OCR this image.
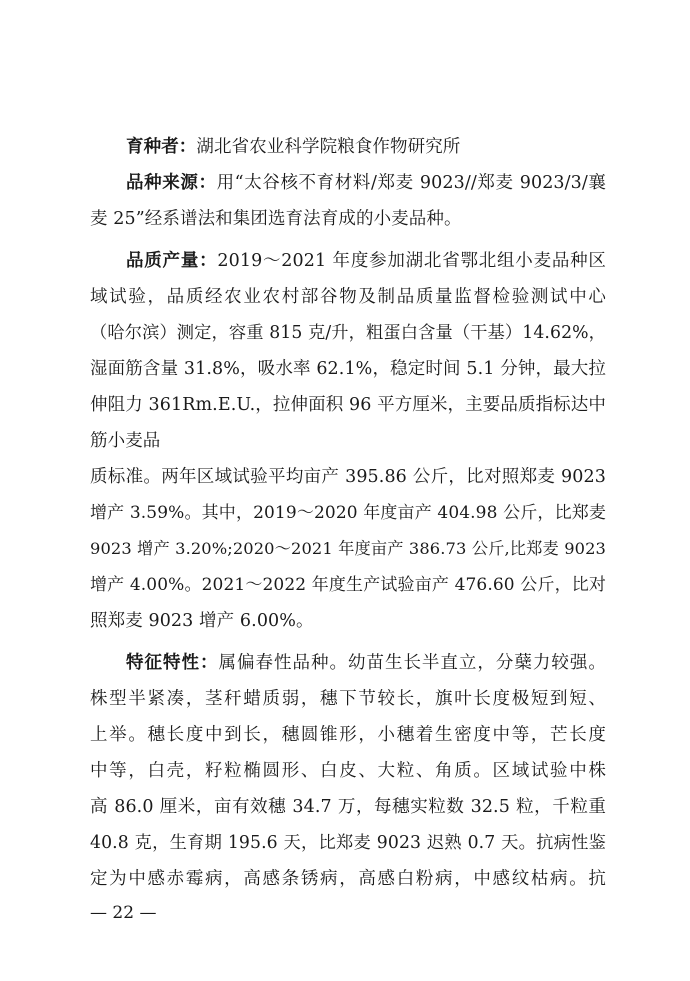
育种者：湖北省农业科学院粮食作物研究所
品种来源：用“太谷核不育材料/郑麦 9023//郑麦 9023/3/襄
麦 25”经系谱法和集团选育法育成的小麦品种。
品质产量：2019～2021 年度参加湖北省鄂北组小麦品种区
域试验，品质经农业农村部谷物及制品质量监督检验测试中心
（哈尔滨）测定，容重 815 克/升，粗蛋白含量（干基）14.62%，
湿面筋含量 31.8%，吸水率 62.1%，稳定时间 5.1 分钟，最大拉
伸阻力 361Rm.E.U.，拉伸面积 96 平方厘米，主要品质指标达中
筋小麦品
质标准。两年区域试验平均亩产 395.86 公斤，比对照郑麦 9023
增产 3.59%。其中，2019～2020 年度亩产 404.98 公斤，比郑麦
9023 增产 3.20%;2020～2021 年度亩产 386.73 公斤,比郑麦 9023
增产 4.00%。2021～2022 年度生产试验亩产 476.60 公斤，比对
照郑麦 9023 增产 6.00%。
特征特性：属偏春性品种。幼苗生长半直立，分蘖力较强。
株型半紧凑，茎秆蜡质弱，穗下节较长，旗叶长度极短到短、
上举。穗长度中到长，穗圆锥形，小穗着生密度中等，芒长度
中等，白壳，籽粒椭圆形、白皮、大粒、角质。区域试验中株
高 86.0 厘米，亩有效穗 34.7 万，每穗实粒数 32.5 粒，千粒重
40.8 克，生育期 195.6 天，比郑麦 9023 迟熟 0.7 天。抗病性鉴
定为中感赤霉病，高感条锈病，高感白粉病，中感纹枯病。抗
— 22 —
